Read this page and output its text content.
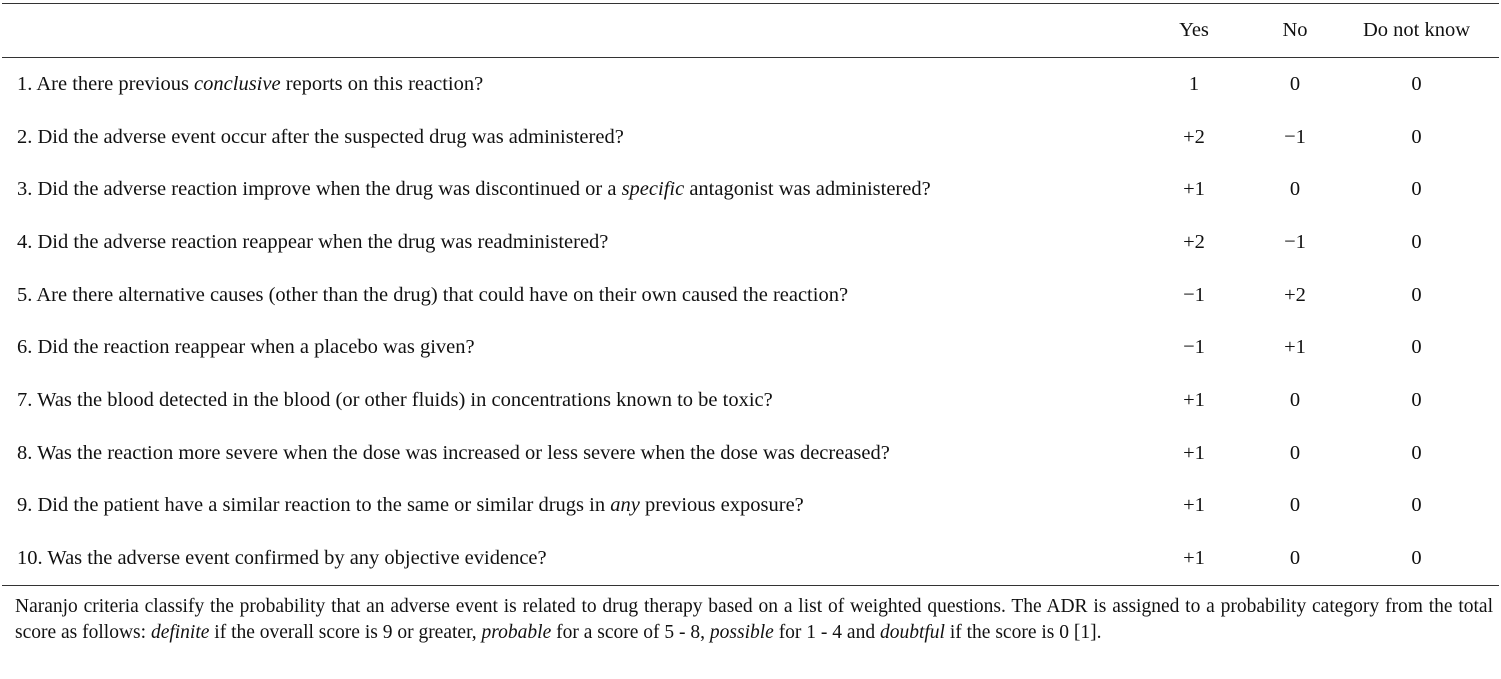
	Yes	No	Do not know
1. Are there previous conclusive reports on this reaction?	1	0	0
2. Did the adverse event occur after the suspected drug was administered?	+2	−1	0
3. Did the adverse reaction improve when the drug was discontinued or a specific antagonist was administered?	+1	0	0
4. Did the adverse reaction reappear when the drug was readministered?	+2	−1	0
5. Are there alternative causes (other than the drug) that could have on their own caused the reaction?	−1	+2	0
6. Did the reaction reappear when a placebo was given?	−1	+1	0
7. Was the blood detected in the blood (or other fluids) in concentrations known to be toxic?	+1	0	0
8. Was the reaction more severe when the dose was increased or less severe when the dose was decreased?	+1	0	0
9. Did the patient have a similar reaction to the same or similar drugs in any previous exposure?	+1	0	0
10. Was the adverse event confirmed by any objective evidence?	+1	0	0
Naranjo criteria classify the probability that an adverse event is related to drug therapy based on a list of weighted questions. The ADR is assigned to a probability category from the total score as follows: definite if the overall score is 9 or greater, probable for a score of 5 - 8, possible for 1 - 4 and doubtful if the score is 0 [1].
